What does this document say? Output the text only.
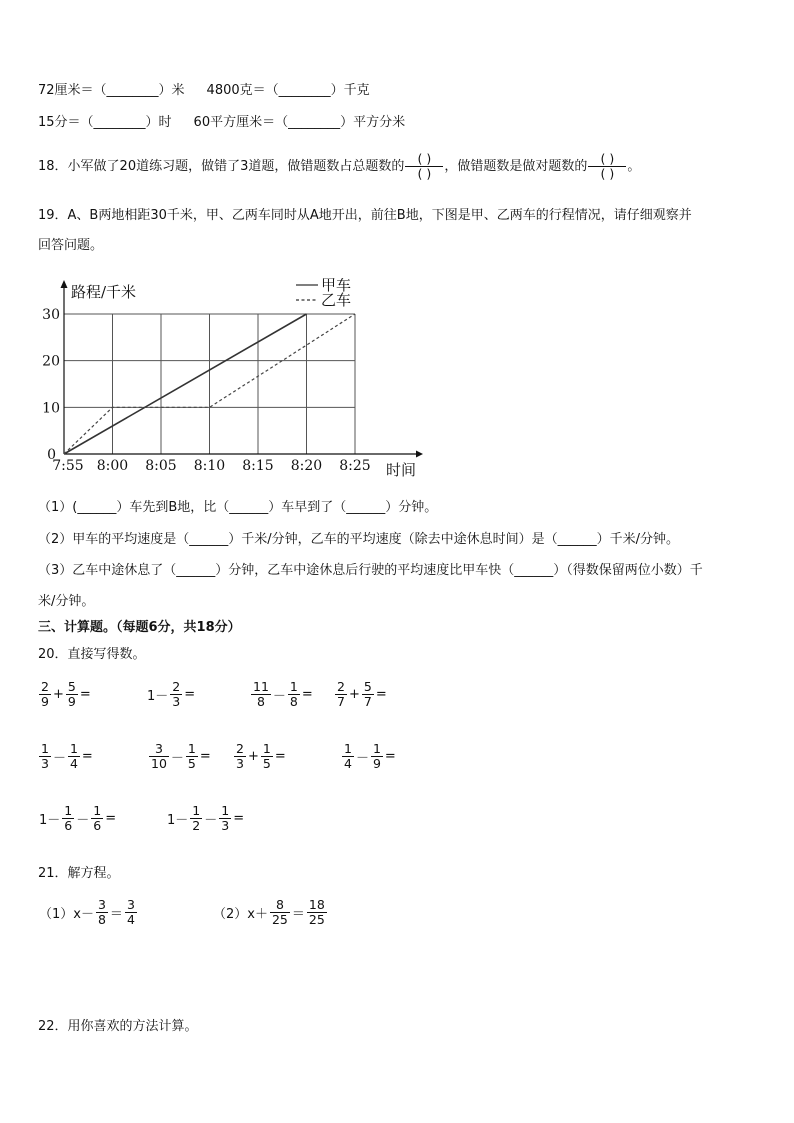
72厘米＝（________）米 4800克＝（________）千克
15分＝（________）时 60平方厘米＝（________）平方分米
18．小军做了20道练习题，做错了3道题，做错题数占总题数的 $\frac{( )}{( )}$ ，做错题数是做对题数的 $\frac{( )}{( )}$ 。
19．A、B两地相距30千米，甲、乙两车同时从A地开出，前往B地，下图是甲、乙两车的行程情况，请仔细观察并
回答问题。
0
10
20
30
7:55 8:00 8:05 8:10 8:15 8:20 8:25
路程/千米
时间
甲车
乙车
（1）(______）车先到B地，比（______）车早到了（______）分钟。
（2）甲车的平均速度是（______）千米/分钟，乙车的平均速度（除去中途休息时间）是（______）千米/分钟。
（3）乙车中途休息了（______）分钟，乙车中途休息后行驶的平均速度比甲车快（______）（得数保留两位小数）千
米/分钟。
三、计算题。（每题6分，共18分）
20．直接写得数。
$\frac{2}{9} + \frac{5}{9}$ =	$1- \frac{2}{3}$ =	$\frac{11}{8} - \frac{1}{8} = \frac{2}{7} + \frac{5}{7}$ =
$\frac{1}{3} - \frac{1}{4}$ =	$\frac{3}{10} - \frac{1}{5} = \frac{2}{3} + \frac{1}{5}$ =	$\frac{1}{4} - \frac{1}{9}$ =
$1- \frac{1}{6} - \frac{1}{6}$ =	$1- \frac{1}{2} - \frac{1}{3}$ =
21．解方程。
$(1)x- \frac{3}{8} = \frac{3}{4}$	$(2)x+ \frac{8}{25} = \frac{18}{25}$
22．用你喜欢的方法计算。
